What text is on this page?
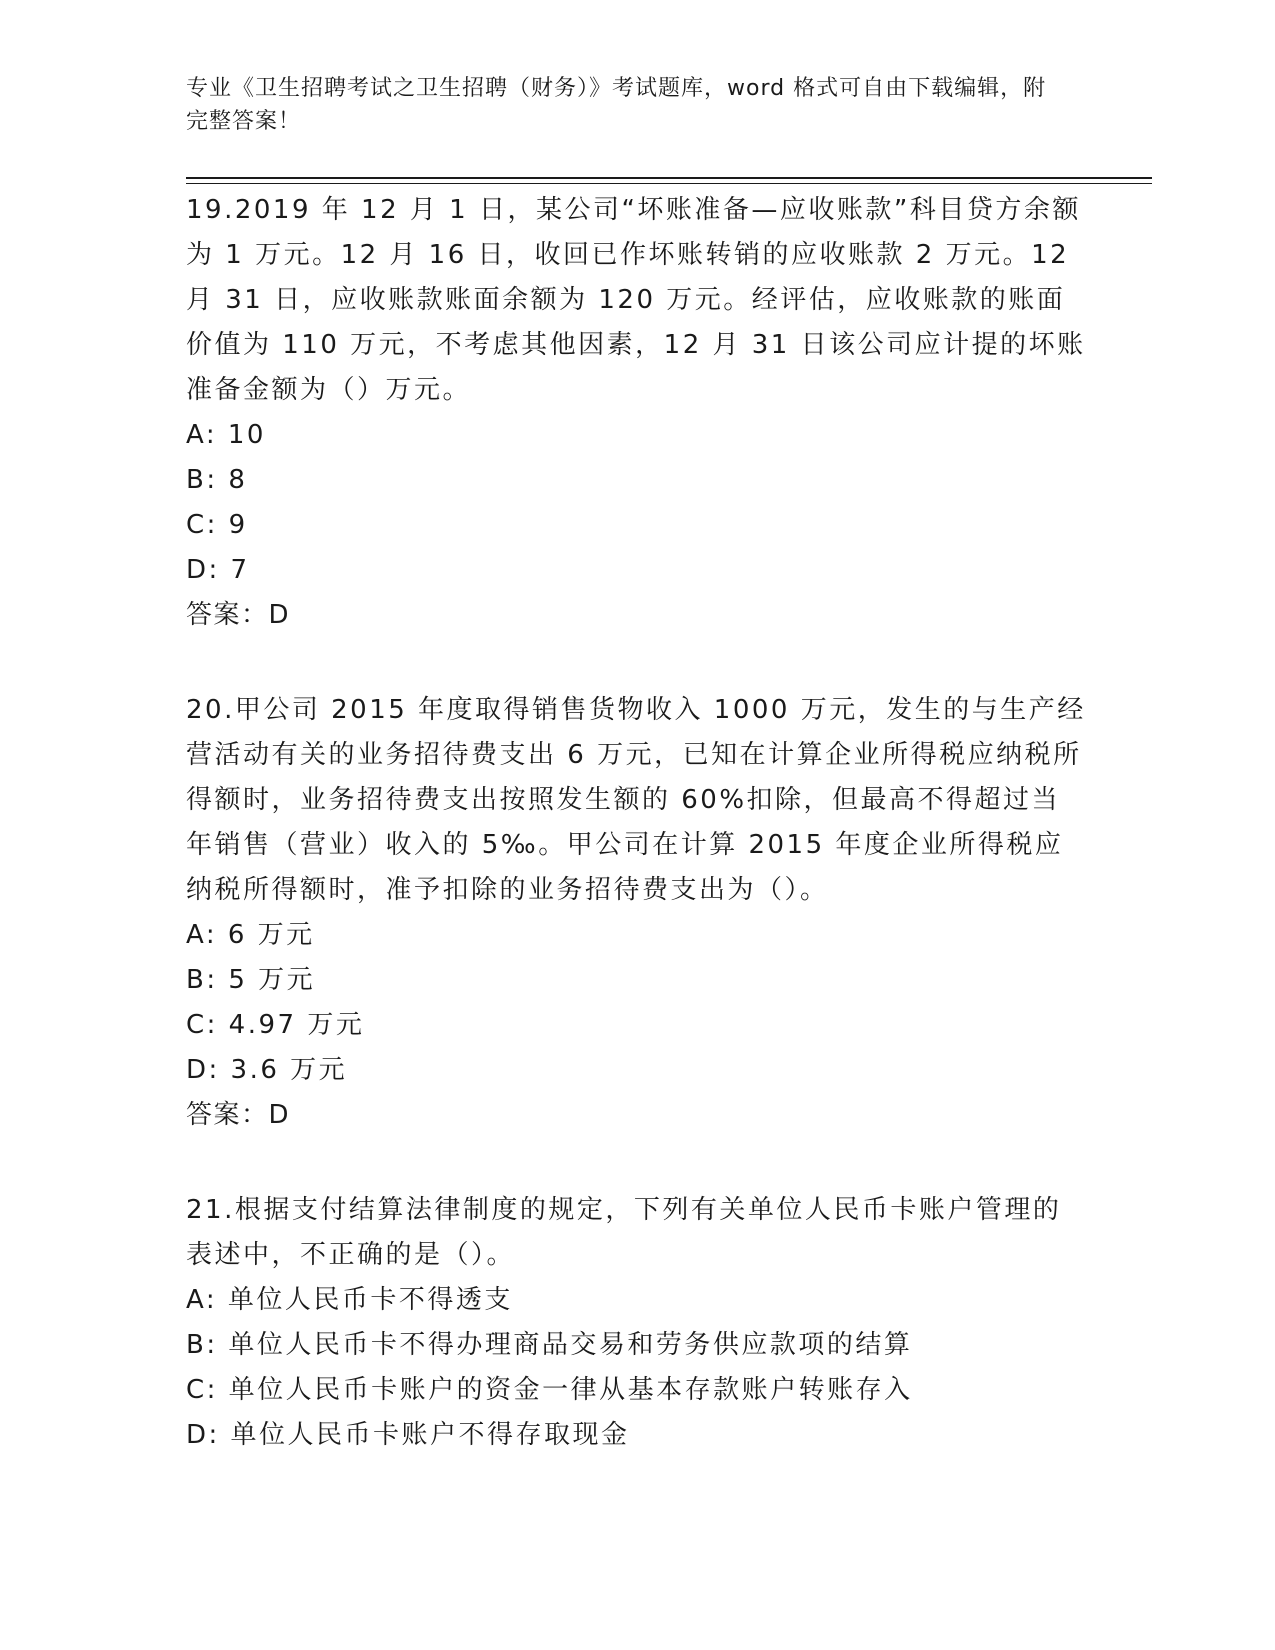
专业《卫生招聘考试之卫生招聘（财务）》考试题库，word 格式可自由下载编辑，附完整答案！

19.2019 年 12 月 1 日，某公司“坏账准备—应收账款”科目贷方余额为 1 万元。12 月 16 日，收回已作坏账转销的应收账款 2 万元。12 月 31 日，应收账款账面余额为 120 万元。经评估，应收账款的账面价值为 110 万元，不考虑其他因素，12 月 31 日该公司应计提的坏账准备金额为（）万元。

A: 10

B: 8

C: 9

D: 7

答案：D

20.甲公司 2015 年度取得销售货物收入 1000 万元，发生的与生产经营活动有关的业务招待费支出 6 万元，已知在计算企业所得税应纳税所得额时，业务招待费支出按照发生额的 60%扣除，但最高不得超过当年销售（营业）收入的 5‰。甲公司在计算 2015 年度企业所得税应纳税所得额时，准予扣除的业务招待费支出为（）。

A: 6 万元

B: 5 万元

C: 4.97 万元

D: 3.6 万元

答案：D

21.根据支付结算法律制度的规定，下列有关单位人民币卡账户管理的表述中，不正确的是（）。

A: 单位人民币卡不得透支

B: 单位人民币卡不得办理商品交易和劳务供应款项的结算

C: 单位人民币卡账户的资金一律从基本存款账户转账存入

D: 单位人民币卡账户不得存取现金
